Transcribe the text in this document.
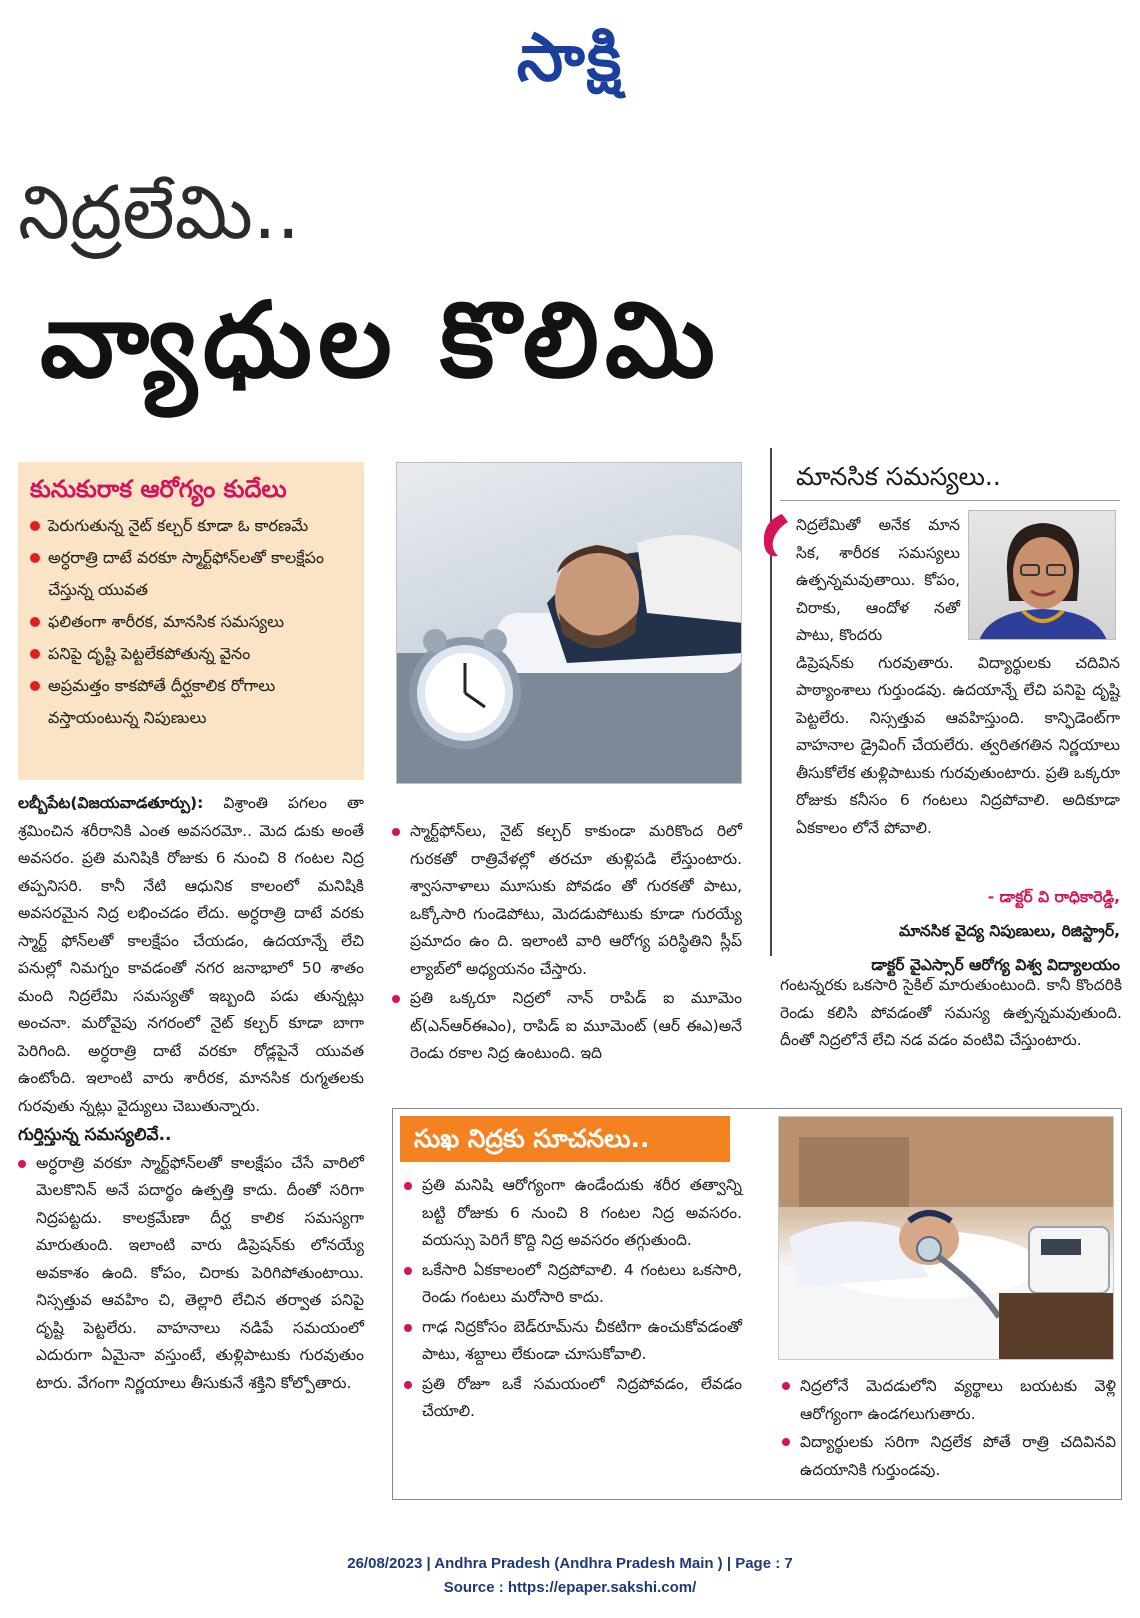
సాక్షి
నిద్రలేమి..
వ్యాధుల కొలిమి
కునుకురాక ఆరోగ్యం కుదేలు
పెరుగుతున్న నైట్ కల్చర్ కూడా ఓ కారణమే
అర్ధరాత్రి దాటే వరకూ స్మార్ట్‌ఫోన్‌లతో కాలక్షేపం చేస్తున్న యువత
ఫలితంగా శారీరక, మానసిక సమస్యలు
పనిపై దృష్టి పెట్టలేకపోతున్న వైనం
అప్రమత్తం కాకపోతే దీర్ఘకాలిక రోగాలు వస్తాయంటున్న నిపుణులు

లబ్బీపేట(విజయవాడతూర్పు): విశ్రాంతి పగలం తా శ్రమించిన శరీరానికి ఎంత అవసరమో.. మెద డుకు అంతే అవసరం. ప్రతి మనిషికి రోజుకు 6 నుంచి 8 గంటల నిద్ర తప్పనిసరి. కానీ నేటి ఆధునిక కాలంలో మనిషికి అవసరమైన నిద్ర లభించడం లేదు. అర్ధరాత్రి దాటే వరకు స్మార్ట్ ఫోన్‌లతో కాలక్షేపం చేయడం, ఉదయాన్నే లేచి పనుల్లో నిమగ్నం కావడంతో నగర జనాభాలో 50 శాతం మంది నిద్రలేమి సమస్యతో ఇబ్బంది పడు తున్నట్లు అంచనా. మరోవైపు నగరంలో నైట్ కల్చర్ కూడా బాగా పెరిగింది. అర్ధరాత్రి దాటే వరకూ రోడ్లపైనే యువత ఉంటోంది. ఇలాంటి వారు శారీరక, మానసిక రుగ్మతలకు గురవుతు న్నట్లు వైద్యులు చెబుతున్నారు.

గుర్తిస్తున్న సమస్యలివే..

అర్ధరాత్రి వరకూ స్మార్ట్‌ఫోన్‌లతో కాలక్షేపం చేసే వారిలో మెలకొనిన్ అనే పదార్థం ఉత్పత్తి కాదు. దీంతో సరిగా నిద్రపట్టదు. కాలక్రమేణా దీర్ఘ కాలిక సమస్యగా మారుతుంది. ఇలాంటి వారు డిప్రెషన్‌కు లోనయ్యే అవకాశం ఉంది. కోపం, చిరాకు పెరిగిపోతుంటాయి. నిస్సత్తువ ఆవహిం చి, తెల్లారి లేచిన తర్వాత పనిపై దృష్టి పెట్టలేరు. వాహనాలు నడిపే సమయంలో ఎదురుగా ఏమైనా వస్తుంటే, తుళ్లిపాటుకు గురవుతుం టారు. వేగంగా నిర్ణయాలు తీసుకునే శక్తిని కోల్పోతారు.

స్మార్ట్‌ఫోన్‌లు, నైట్ కల్చర్ కాకుండా మరికొంద రిలో గురకతో రాత్రివేళల్లో తరచూ తుళ్లిపడి లేస్తుంటారు. శ్వాసనాళాలు మూసుకు పోవడం తో గురకతో పాటు, ఒక్కోసారి గుండెపోటు, మెదడుపోటుకు కూడా గురయ్యే ప్రమాదం ఉం ది. ఇలాంటి వారి ఆరోగ్య పరిస్థితిని స్లీప్ ల్యాబ్‌లో అధ్యయనం చేస్తారు.

ప్రతి ఒక్కరూ నిద్రలో నాన్ రాపిడ్ ఐ మూమెం ట్(ఎన్ఆర్ఈఎం), రాపిడ్ ఐ మూమెంట్ (ఆర్ ఈఎ)అనే రెండు రకాల నిద్ర ఉంటుంది. ఇది

మానసిక సమస్యలు..

నిద్రలేమితో అనేక మాన సిక, శారీరక సమస్యలు ఉత్పన్నమవుతాయి. కోపం, చిరాకు, ఆందోళ నతో పాటు, కొందరు

డిప్రెషన్‌కు గురవుతారు. విద్యార్థులకు చదివిన పాఠ్యాంశాలు గుర్తుండవు. ఉదయాన్నే లేచి పనిపై దృష్టి పెట్టలేరు. నిస్సత్తువ ఆవహిస్తుంది. కాన్ఫిడెంట్‌గా వాహనాల డ్రైవింగ్ చేయలేరు. త్వరితగతిన నిర్ణయాలు తీసుకోలేక తుళ్లిపాటుకు గురవుతుంటారు. ప్రతి ఒక్కరూ రోజుకు కనీసం 6 గంటలు నిద్రపోవాలి. అదికూడా ఏకకాలం లోనే పోవాలి.

- డాక్టర్ వి రాధికారెడ్డి,
మానసిక వైద్య నిపుణులు, రిజిస్ట్రార్,
డాక్టర్ వైఎస్సార్ ఆరోగ్య విశ్వ విద్యాలయం
గంటన్నరకు ఒకసారి సైకిల్ మారుతుంటుంది. కానీ కొందరికి రెండు కలిసి పోవడంతో సమస్య ఉత్పన్నమవుతుంది. దీంతో నిద్రలోనే లేచి నడ వడం వంటివి చేస్తుంటారు.
సుఖ నిద్రకు సూచనలు..

ప్రతి మనిషి ఆరోగ్యంగా ఉండేందుకు శరీర తత్వాన్ని బట్టి రోజుకు 6 నుంచి 8 గంటల నిద్ర అవసరం. వయస్సు పెరిగే కొద్ది నిద్ర అవసరం తగ్గుతుంది.

ఒకేసారి ఏకకాలంలో నిద్రపోవాలి. 4 గంటలు ఒకసారి, రెండు గంటలు మరోసారి కాదు.

గాఢ నిద్రకోసం బెడ్‌రూమ్‌ను చీకటిగా ఉంచుకోవడంతో పాటు, శబ్దాలు లేకుండా చూసుకోవాలి.

ప్రతి రోజూ ఒకే సమయంలో నిద్రపోవడం, లేవడం చేయాలి.

నిద్రలోనే మెదడులోని వ్యర్థాలు బయటకు వెళ్లి ఆరోగ్యంగా ఉండగలుగుతారు.

విద్యార్థులకు సరిగా నిద్రలేక పోతే రాత్రి చదివినవి ఉదయానికి గుర్తుండవు.

26/08/2023 | Andhra Pradesh (Andhra Pradesh Main ) | Page : 7
Source : https://epaper.sakshi.com/
